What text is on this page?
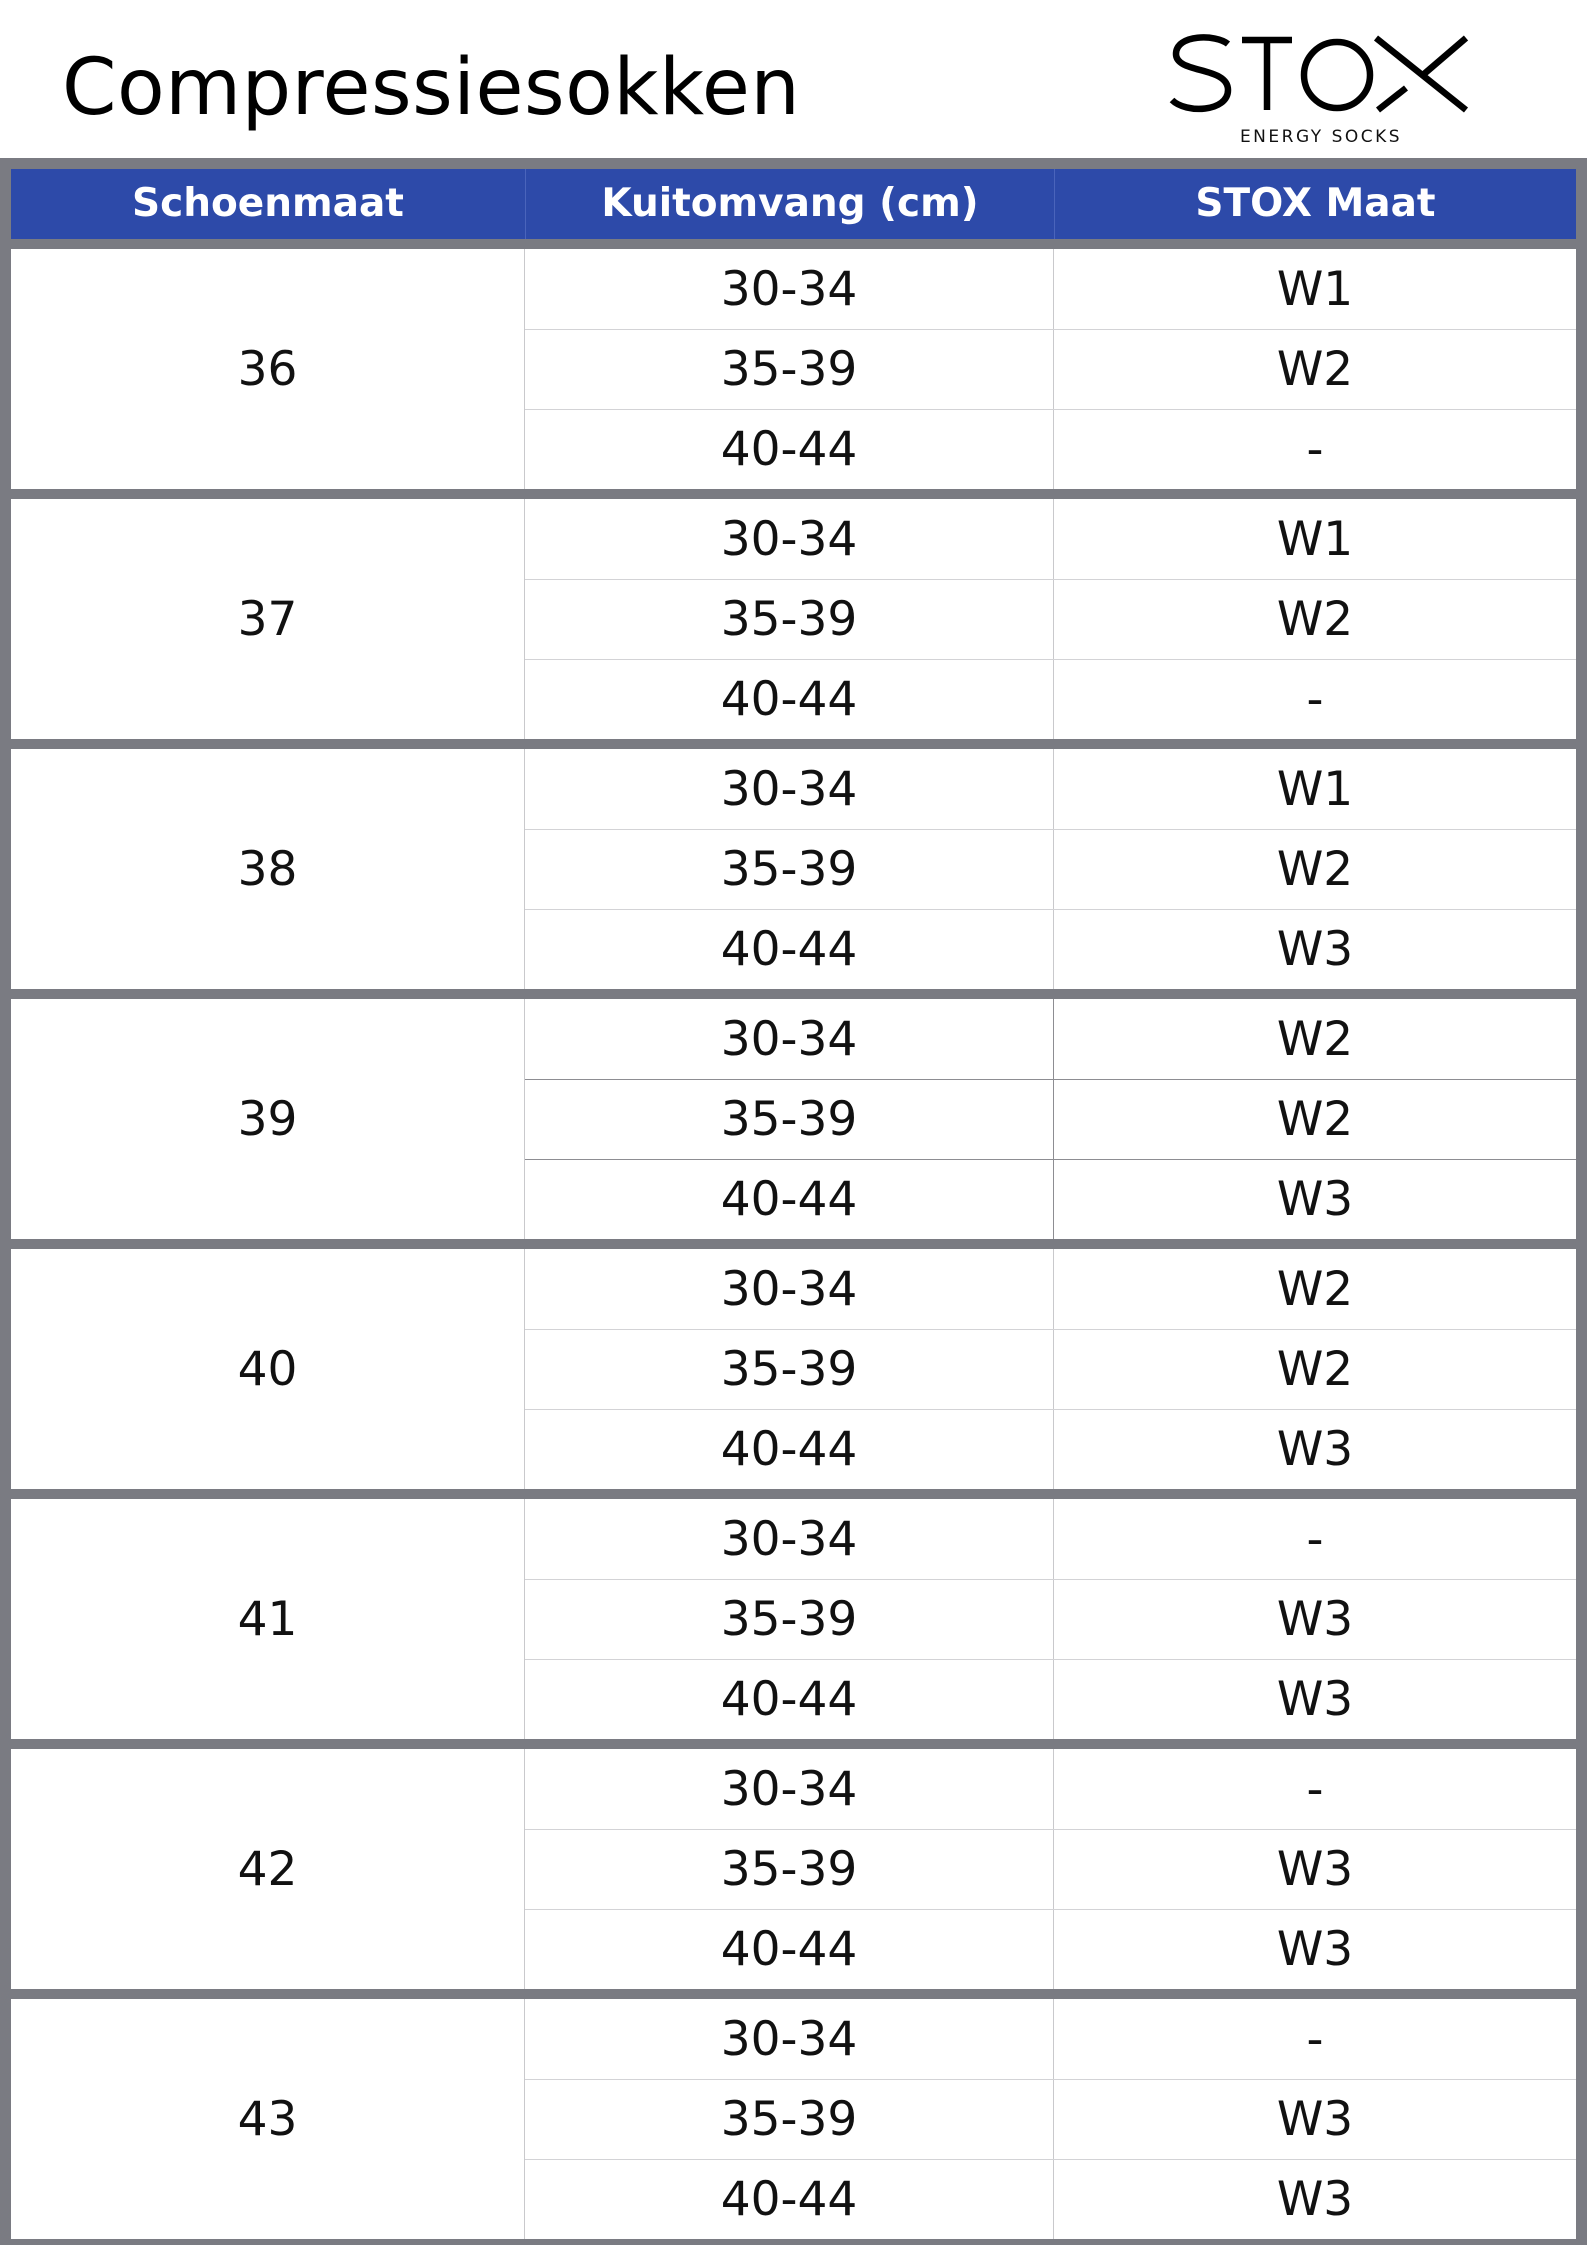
Compressiesokken
ENERGY SOCKS
Schoenmaat	Kuitomvang (cm)	STOX Maat
36
30-34	W1
35-39	W2
40-44	-
37
30-34	W1
35-39	W2
40-44	-
38
30-34	W1
35-39	W2
40-44	W3
39
30-34	W2
35-39	W2
40-44	W3
40
30-34	W2
35-39	W2
40-44	W3
41
30-34	-
35-39	W3
40-44	W3
42
30-34	-
35-39	W3
40-44	W3
43
30-34	-
35-39	W3
40-44	W3
